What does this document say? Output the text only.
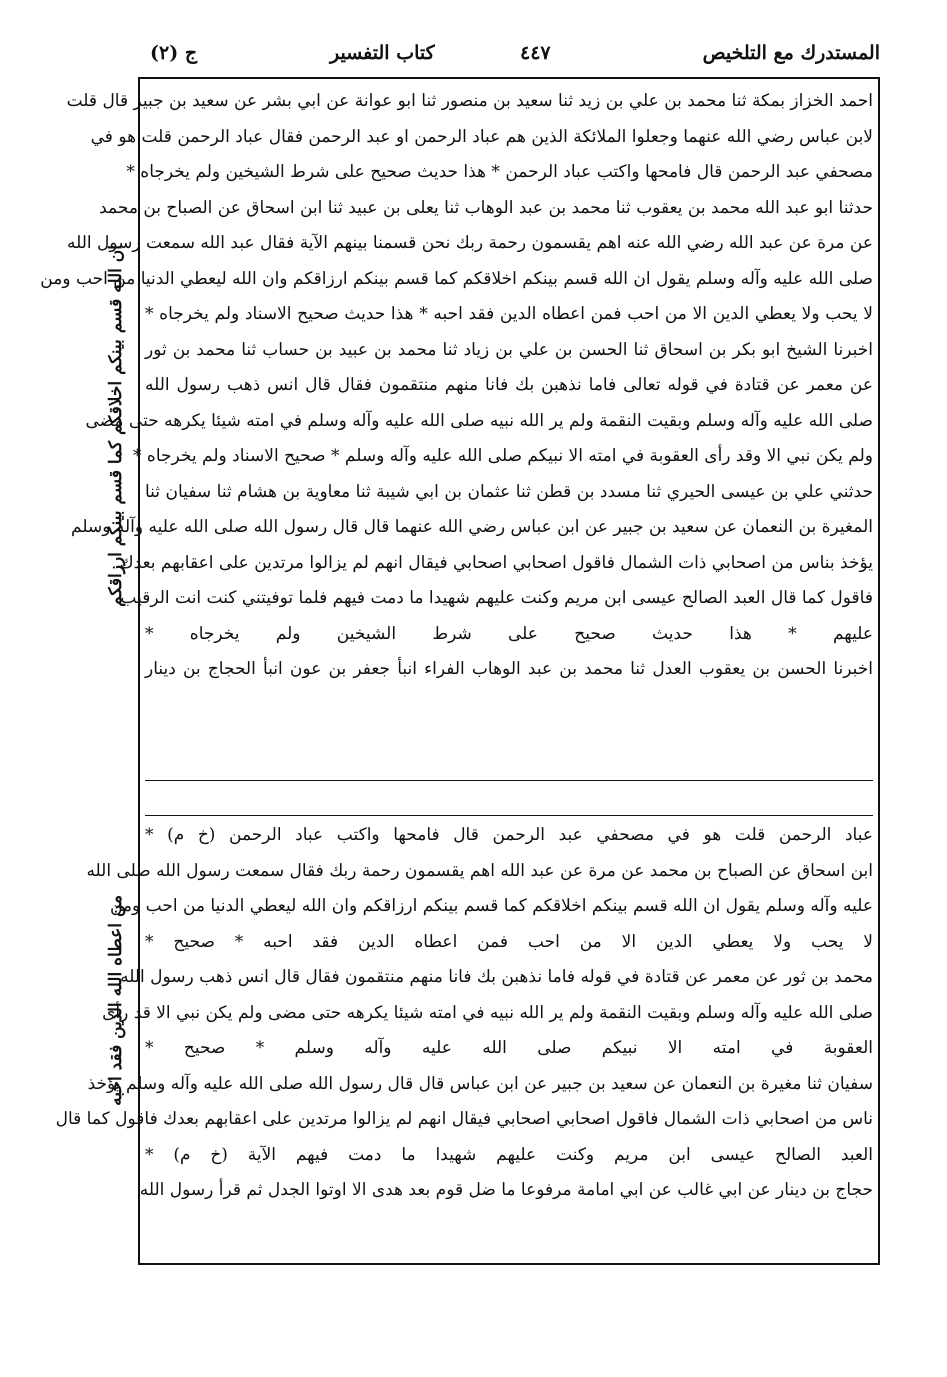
ج (٢)	كتاب التفسير	٤٤٧	المستدرك مع التلخيص
احمد الخزاز بمكة ثنا محمد بن علي بن زيد ثنا سعيد بن منصور ثنا ابو عوانة عن ابي بشر عن سعيد بن جبير قال قلت
لابن عباس رضي الله عنهما وجعلوا الملائكة الذين هم عباد الرحمن او عبد الرحمن فقال عباد الرحمن قلت هو في
مصحفي عبد الرحمن قال فامحها واكتب عباد الرحمن * هذا حديث صحيح على شرط الشيخين ولم يخرجاه *
حدثنا ابو عبد الله محمد بن يعقوب ثنا محمد بن عبد الوهاب ثنا يعلى بن عبيد ثنا ابن اسحاق عن الصباح بن محمد
عن مرة عن عبد الله رضي الله عنه اهم يقسمون رحمة ربك نحن قسمنا بينهم الآية فقال عبد الله سمعت رسول الله
صلى الله عليه وآله وسلم يقول ان الله قسم بينكم اخلاقكم كما قسم بينكم ارزاقكم وان الله ليعطي الدنيا من احب ومن
لا يحب ولا يعطي الدين الا من احب فمن اعطاه الدين فقد احبه * هذا حديث صحيح الاسناد ولم يخرجاه *
اخبرنا الشيخ ابو بكر بن اسحاق ثنا الحسن بن علي بن زياد ثنا محمد بن عبيد بن حساب ثنا محمد بن ثور
عن معمر عن قتادة في قوله تعالى فاما نذهبن بك فانا منهم منتقمون فقال قال انس ذهب رسول الله
صلى الله عليه وآله وسلم وبقيت النقمة ولم ير الله نبيه صلى الله عليه وآله وسلم في امته شيئا يكرهه حتى مضى
ولم يكن نبي الا وقد رأى العقوبة في امته الا نبيكم صلى الله عليه وآله وسلم * صحيح الاسناد ولم يخرجاه *
حدثني علي بن عيسى الحيري ثنا مسدد بن قطن ثنا عثمان بن ابي شيبة ثنا معاوية بن هشام ثنا سفيان ثنا
المغيرة بن النعمان عن سعيد بن جبير عن ابن عباس رضي الله عنهما قال قال رسول الله صلى الله عليه وآله وسلم
يؤخذ بناس من اصحابي ذات الشمال فاقول اصحابي اصحابي فيقال انهم لم يزالوا مرتدين على اعقابهم بعدك
فاقول كما قال العبد الصالح عيسى ابن مريم وكنت عليهم شهيدا ما دمت فيهم فلما توفيتني كنت انت الرقيب
عليهم * هذا حديث صحيح على شرط الشيخين ولم يخرجاه *
اخبرنا الحسن بن يعقوب العدل ثنا محمد بن عبد الوهاب الفراء انبأ جعفر بن عون انبأ الحجاج بن دينار
عباد الرحمن قلت هو في مصحفي عبد الرحمن قال فامحها واكتب عباد الرحمن (خ م) *
ابن اسحاق عن الصباح بن محمد عن مرة عن عبد الله اهم يقسمون رحمة ربك فقال سمعت رسول الله صلى الله
عليه وآله وسلم يقول ان الله قسم بينكم اخلاقكم كما قسم بينكم ارزاقكم وان الله ليعطي الدنيا من احب ومن
لا يحب ولا يعطي الدين الا من احب فمن اعطاه الدين فقد احبه * صحيح *
محمد بن ثور عن معمر عن قتادة في قوله فاما نذهبن بك فانا منهم منتقمون فقال قال انس ذهب رسول الله
صلى الله عليه وآله وسلم وبقيت النقمة ولم ير الله نبيه في امته شيئا يكرهه حتى مضى ولم يكن نبي الا قد رأى
العقوبة في امته الا نبيكم صلى الله عليه وآله وسلم * صحيح *
سفيان ثنا مغيرة بن النعمان عن سعيد بن جبير عن ابن عباس قال قال رسول الله صلى الله عليه وآله وسلم يؤخذ
ناس من اصحابي ذات الشمال فاقول اصحابي اصحابي فيقال انهم لم يزالوا مرتدين على اعقابهم بعدك فاقول كما قال
العبد الصالح عيسى ابن مريم وكنت عليهم شهيدا ما دمت فيهم الآية (خ م) *
حجاج بن دينار عن ابي غالب عن ابي امامة مرفوعا ما ضل قوم بعد هدى الا اوتوا الجدل ثم قرأ رسول الله
ان الله قسم بينكم اخلاقكم كما قسم بينكم ارزاقكم
من اعطاه الله الدين فقد احبه
